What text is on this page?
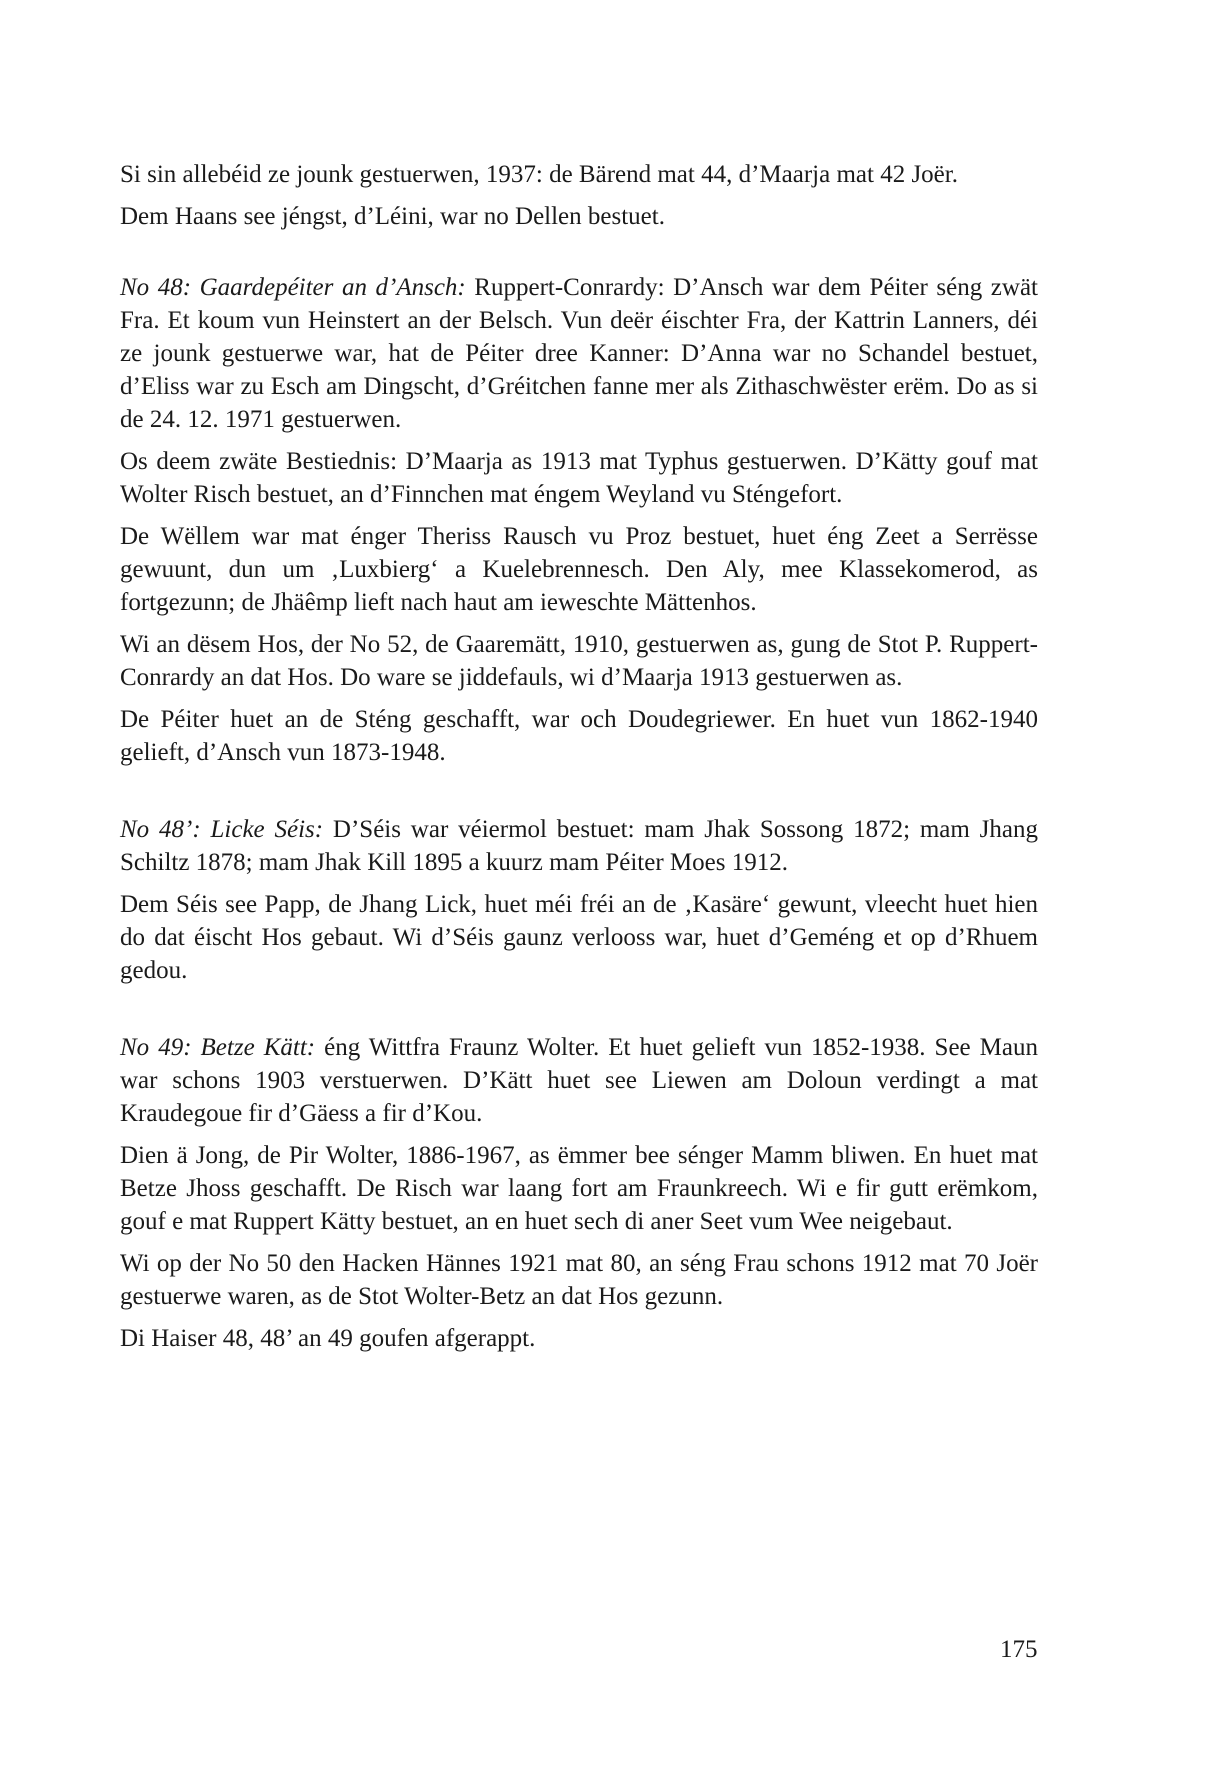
Si sin allebéid ze jounk gestuerwen, 1937: de Bärend mat 44, d’Maarja mat 42 Joër.

Dem Haans see jéngst, d’Léini, war no Dellen bestuet.

No 48: Gaardepéiter an d’Ansch: Ruppert-Conrardy: D’Ansch war dem Péiter séng zwät Fra. Et koum vun Heinstert an der Belsch. Vun deër éischter Fra, der Kattrin Lanners, déi ze jounk gestuerwe war, hat de Péiter dree Kanner: D’Anna war no Schandel bestuet, d’Eliss war zu Esch am Dingscht, d’Gréitchen fanne mer als Zithaschwëster erëm. Do as si de 24. 12. 1971 gestuerwen.

Os deem zwäte Bestiednis: D’Maarja as 1913 mat Typhus gestuerwen. D’Kätty gouf mat Wolter Risch bestuet, an d’Finnchen mat éngem Weyland vu Sténgefort.

De Wëllem war mat énger Theriss Rausch vu Proz bestuet, huet éng Zeet a Serrësse gewuunt, dun um ‚Luxbierg‘ a Kuelebrennesch. Den Aly, mee Klassekomerod, as fortgezunn; de Jhäêmp lieft nach haut am ieweschte Mättenhos.

Wi an dësem Hos, der No 52, de Gaaremätt, 1910, gestuerwen as, gung de Stot P. Ruppert-Conrardy an dat Hos. Do ware se jiddefauls, wi d’Maarja 1913 gestuerwen as.

De Péiter huet an de Sténg geschafft, war och Doudegriewer. En huet vun 1862-1940 gelieft, d’Ansch vun 1873-1948.

No 48’: Licke Séis: D’Séis war véiermol bestuet: mam Jhak Sossong 1872; mam Jhang Schiltz 1878; mam Jhak Kill 1895 a kuurz mam Péiter Moes 1912.

Dem Séis see Papp, de Jhang Lick, huet méi fréi an de ‚Kasäre‘ gewunt, vleecht huet hien do dat éischt Hos gebaut. Wi d’Séis gaunz verlooss war, huet d’Geméng et op d’Rhuem gedou.

No 49: Betze Kätt: éng Wittfra Fraunz Wolter. Et huet gelieft vun 1852-1938. See Maun war schons 1903 verstuerwen. D’Kätt huet see Liewen am Doloun verdingt a mat Kraudegoue fir d’Gäess a fir d’Kou.

Dien ä Jong, de Pir Wolter, 1886-1967, as ëmmer bee sénger Mamm bliwen. En huet mat Betze Jhoss geschafft. De Risch war laang fort am Fraunkreech. Wi e fir gutt erëmkom, gouf e mat Ruppert Kätty bestuet, an en huet sech di aner Seet vum Wee neigebaut.

Wi op der No 50 den Hacken Hännes 1921 mat 80, an séng Frau schons 1912 mat 70 Joër gestuerwe waren, as de Stot Wolter-Betz an dat Hos gezunn.

Di Haiser 48, 48’ an 49 goufen afgerappt.

175
